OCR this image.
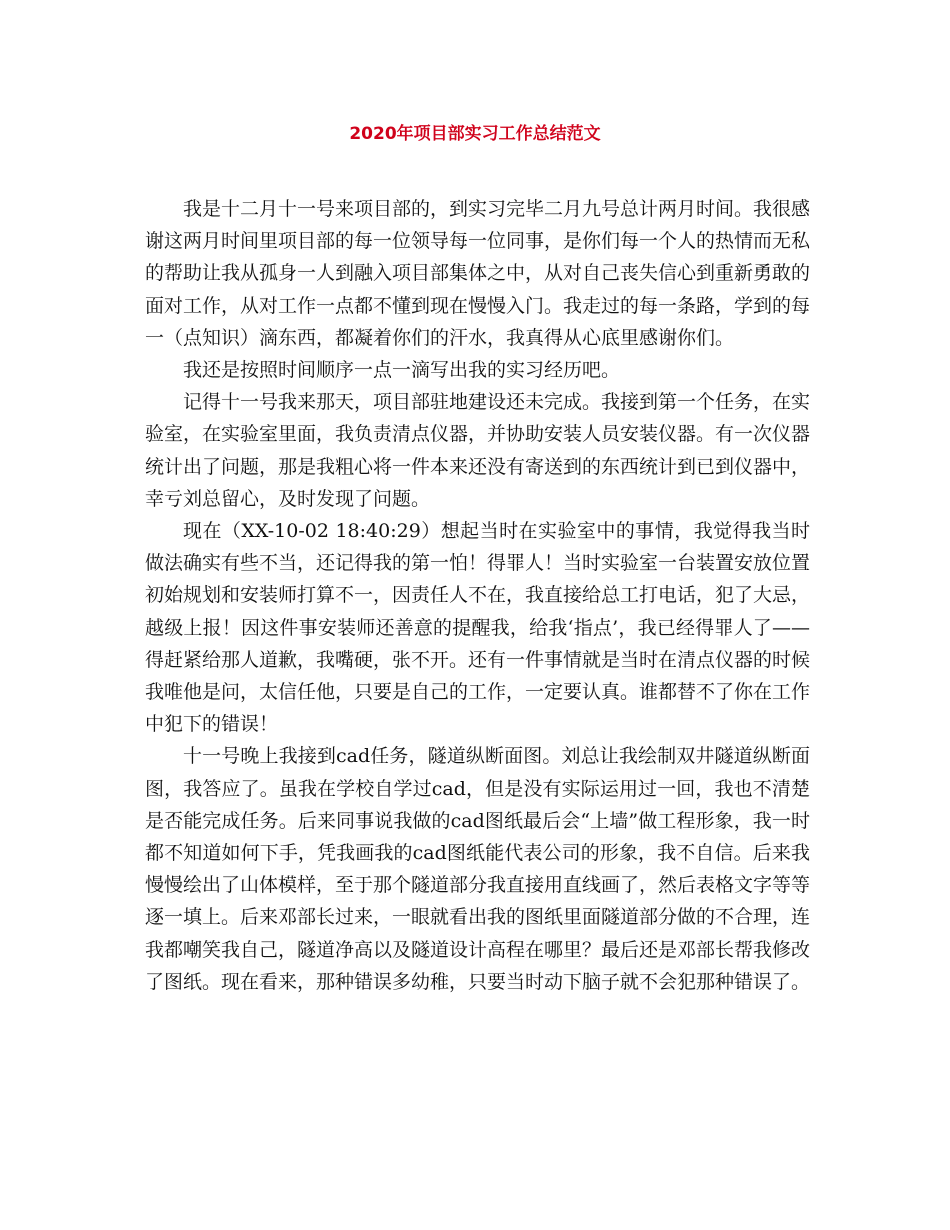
2020年项目部实习工作总结范文

我是十二月十一号来项目部的，到实习完毕二月九号总计两月时间。我很感谢这两月时间里项目部的每一位领导每一位同事，是你们每一个人的热情而无私的帮助让我从孤身一人到融入项目部集体之中，从对自己丧失信心到重新勇敢的面对工作，从对工作一点都不懂到现在慢慢入门。我走过的每一条路，学到的每一（点知识）滴东西，都凝着你们的汗水，我真得从心底里感谢你们。

我还是按照时间顺序一点一滴写出我的实习经历吧。

记得十一号我来那天，项目部驻地建设还未完成。我接到第一个任务，在实验室，在实验室里面，我负责清点仪器，并协助安装人员安装仪器。有一次仪器统计出了问题，那是我粗心将一件本来还没有寄送到的东西统计到已到仪器中，幸亏刘总留心，及时发现了问题。

现在（XX-10-02 18:40:29）想起当时在实验室中的事情，我觉得我当时做法确实有些不当，还记得我的第一怕！得罪人！当时实验室一台装置安放位置初始规划和安装师打算不一，因责任人不在，我直接给总工打电话，犯了大忌，越级上报！因这件事安装师还善意的提醒我，给我‘指点’，我已经得罪人了——得赶紧给那人道歉，我嘴硬，张不开。还有一件事情就是当时在清点仪器的时候我唯他是问，太信任他，只要是自己的工作，一定要认真。谁都替不了你在工作中犯下的错误！

十一号晚上我接到cad任务，隧道纵断面图。刘总让我绘制双井隧道纵断面图，我答应了。虽我在学校自学过cad，但是没有实际运用过一回，我也不清楚是否能完成任务。后来同事说我做的cad图纸最后会“上墙”做工程形象，我一时都不知道如何下手，凭我画我的cad图纸能代表公司的形象，我不自信。后来我慢慢绘出了山体模样，至于那个隧道部分我直接用直线画了，然后表格文字等等逐一填上。后来邓部长过来，一眼就看出我的图纸里面隧道部分做的不合理，连我都嘲笑我自己，隧道净高以及隧道设计高程在哪里？最后还是邓部长帮我修改了图纸。现在看来，那种错误多幼稚，只要当时动下脑子就不会犯那种错误了。
